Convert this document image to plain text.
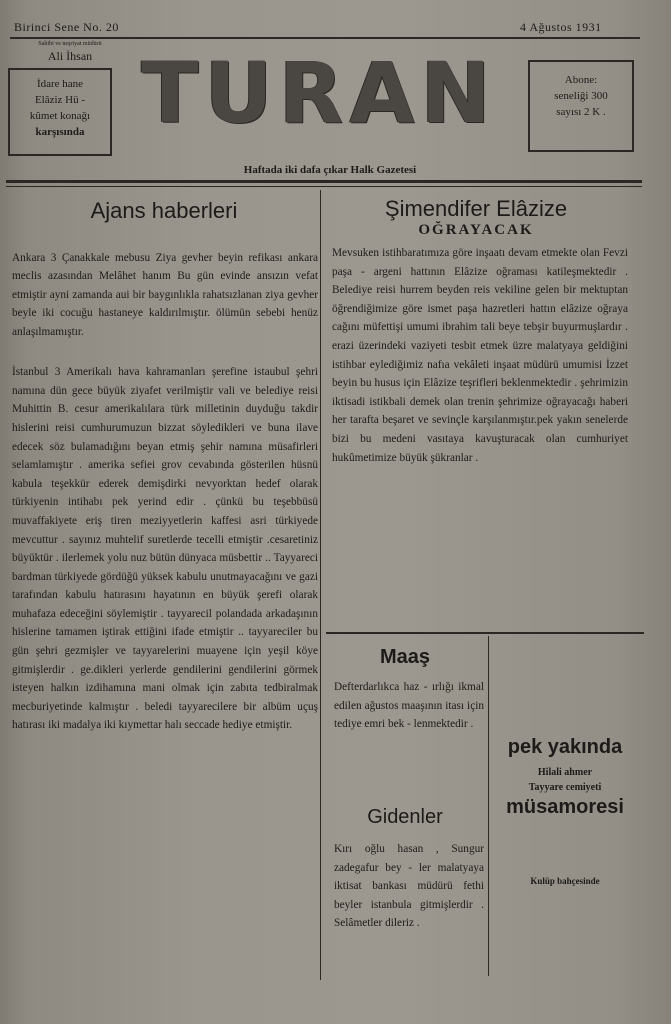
Birinci Sene No. 20	4 Ağustos 1931
Sahibi ve neşriyat müdürü
Ali İhsan
İdare hane
Elâziz Hü -
kûmet konağı
karşısında TURAN	Abone:
seneliği 300
sayısı 2 K .
Haftada iki dafa çıkar Halk Gazetesi
Ajans haberleri

Ankara 3 Çanakkale mebusu Ziya gevher beyin refikası ankara meclis azasından Melâhet hanım Bu gün evinde ansızın vefat etmiştir ayni zamanda aui bir baygınlıkla rahatsızlanan ziya gevher beyle iki cocuğu hastaneye kaldırılmıştır. ölümün sebebi henüz anlaşılmamıştır.

İstanbul 3 Amerikalı hava kahramanları şerefine istaubul şehri namına dün gece büyük ziyafet verilmiştir vali ve belediye reisi Muhittin B. cesur amerikalılara türk milletinin duyduğu takdir hislerini reisi cumhurumuzun bizzat söyledikleri ve buna ilave edecek söz bulamadığını beyan etmiş şehir namına müsafirleri selamlamıştır . amerika sefiei grov cevabında gösterilen hüsnü kabula teşekkür ederek demişdirki nevyorktan hedef olarak türkiyenin intihabı pek yerind edir . çünkü bu teşebbüsü muvaffakiyete eriş tiren meziyyetlerin kaffesi asri türkiyede mevcuttur . sayınız muhtelif suretlerde tecelli etmiştir .cesaretiniz büyüktür . ilerlemek yolu nuz bütün dünyaca müsbettir .. Tayyareci bardman türkiyede gördüğü yüksek kabulu unutmayacağını ve gazi tarafından kabulu hatırasını hayatının en büyük şerefi olarak muhafaza edeceğini söylemiştir . tayyarecil polandada arkadaşının hislerine tamamen iştirak ettiğini ifade etmiştir .. tayyareciler bu gün şehri gezmişler ve tayyarelerini muayene için yeşil köye gitmişlerdir . ge.dikleri yerlerde gendilerini gendilerini görmek isteyen halkın izdihamına mani olmak için zabıta tedbiralmak mecburiyetinde kalmıştır . beledi tayyarecilere bir albüm uçuş hatırası iki madalya iki kıymettar halı seccade hediye etmiştir.

Şimendifer Elâzize
OĞRAYACAK
Mevsuken istihbaratımıza göre inşaatı devam etmekte olan Fevzi paşa - argeni hattının Elâzize oğraması katileşmektedir . Belediye reisi hurrem beyden reis vekiline gelen bir mektuptan öğrendiğimize göre ismet paşa hazretleri hattın elâzize oğraya cağını müfettişi umumi ibrahim tali beye tebşir buyurmuşlardır . erazi üzerindeki vaziyeti tesbit etmek üzre malatyaya geldiğini istihbar eylediğimiz nafıa vekâleti inşaat müdürü umumisi İzzet beyin bu husus için Elâzize teşrifleri beklenmektedir . şehrimizin iktisadi istikbali demek olan trenin şehrimize oğrayacağı haberi her tarafta beşaret ve sevinçle karşılanmıştır.pek yakın senelerde bizi bu medeni vasıtaya kavuşturacak olan cumhuriyet hukûmetimize büyük şükranlar .
Maaş
Defterdarlıkca haz - ırlığı ikmal edilen ağustos maaşının itası için tediye emri bek - lenmektedir .
Gidenler
Kırı oğlu hasan , Sungur zadegafur bey - ler malatyaya iktisat bankası müdürü fethi beyler istanbula gitmişlerdir . Selâmetler dileriz .
pek yakında
Hilali ahmer
Tayyare cemiyeti
müsamoresi
Kulüp bahçesinde
